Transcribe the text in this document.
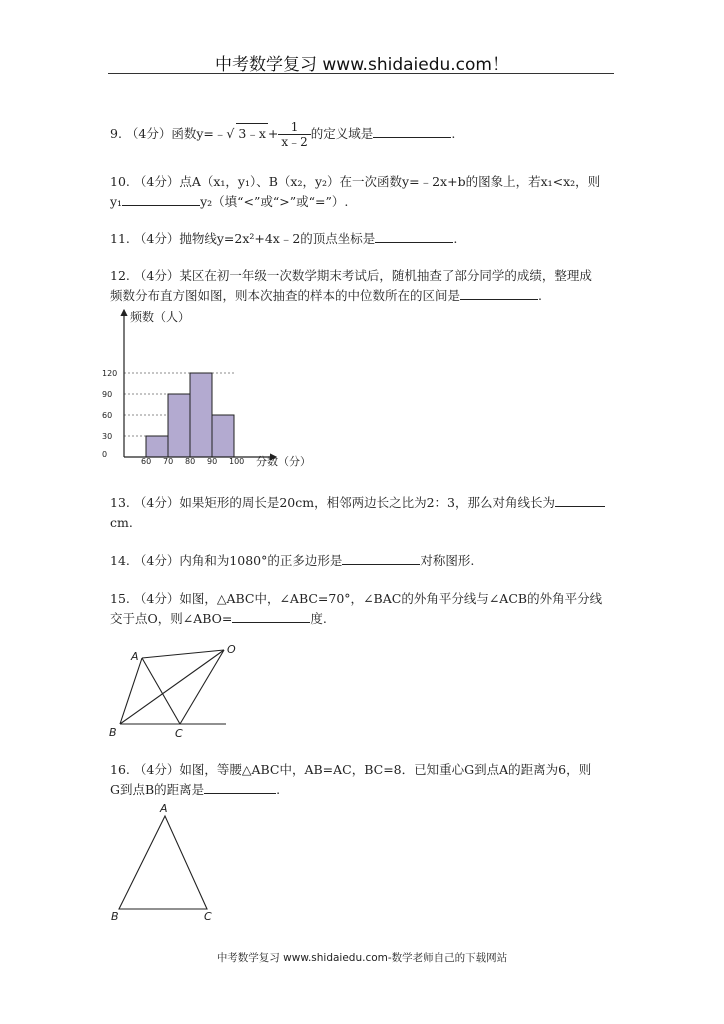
中考数学复习 www.shidaiedu.com！
9. （4分）函数y=﹣√ 3﹣x + $\frac{1}{x﹣2}$ 的定义域是	.
10. （4分）点A（x₁，y₁）、B（x₂，y₂）在一次函数y=﹣2x+b的图象上，若x₁<x₂，则
y₁	y₂（填“<”或“>”或“=”）.
11. （4分）抛物线y=2x²+4x﹣2的顶点坐标是	.
12. （4分）某区在初一年级一次数学期末考试后，随机抽查了部分同学的成绩，整理成
频数分布直方图如图，则本次抽查的样本的中位数所在的区间是	.
频数（人）
分数（分）
0
30
60
90
120
60 70 80 90 100
13. （4分）如果矩形的周长是20cm，相邻两边长之比为2：3，那么对角线长为
cm.
14. （4分）内角和为1080°的正多边形是	对称图形.
15. （4分）如图，△ABC中，∠ABC=70°，∠BAC的外角平分线与∠ACB的外角平分线
交于点O，则∠ABO=	度.
A
O
B	C
16. （4分）如图，等腰△ABC中，AB=AC，BC=8．已知重心G到点A的距离为6，则
G到点B的距离是	.
A
B	C
中考数学复习 www.shidaiedu.com-数学老师自己的下载网站
